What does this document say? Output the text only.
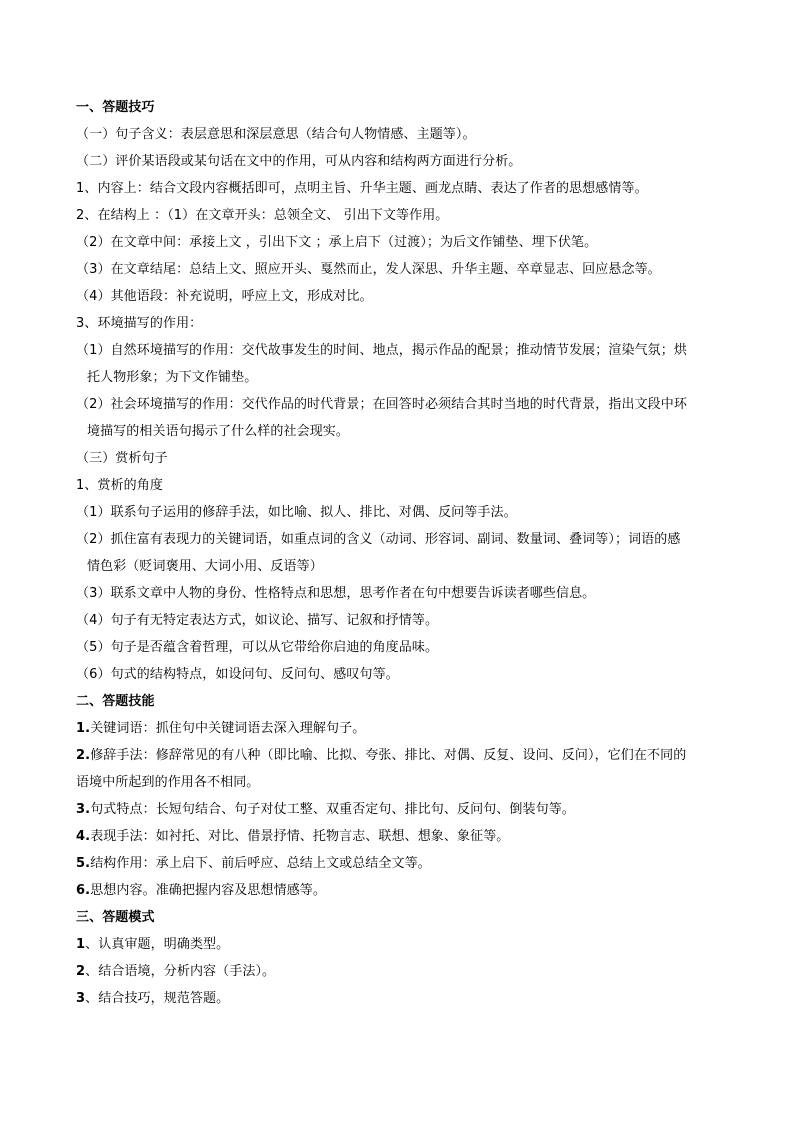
一、答题技巧
（一）句子含义：表层意思和深层意思（结合句人物情感、主题等）。
（二）评价某语段或某句话在文中的作用，可从内容和结构两方面进行分析。
1、内容上：结合文段内容概括即可，点明主旨、升华主题、画龙点睛、表达了作者的思想感情等。
2、在结构上 ：（1）在文章开头：总领全文、 引出下文等作用。
（2）在文章中间：承接上文 ，引出下文 ；承上启下（过渡）；为后文作铺垫、埋下伏笔。
（3）在文章结尾：总结上文、照应开头、戛然而止，发人深思、升华主题、卒章显志、回应悬念等。
（4）其他语段：补充说明，呼应上文，形成对比。
3、环境描写的作用：
（1）自然环境描写的作用：交代故事发生的时间、地点，揭示作品的配景；推动情节发展；渲染气氛；烘
托人物形象；为下文作铺垫。
（2）社会环境描写的作用：交代作品的时代背景；在回答时必须结合其时当地的时代背景，指出文段中环
境描写的相关语句揭示了什么样的社会现实。
（三）赏析句子
1、赏析的角度
（1）联系句子运用的修辞手法，如比喻、拟人、排比、对偶、反问等手法。
（2）抓住富有表现力的关键词语，如重点词的含义（动词、形容词、副词、数量词、叠词等）；词语的感
情色彩（贬词褒用、大词小用、反语等）
（3）联系文章中人物的身份、性格特点和思想，思考作者在句中想要告诉读者哪些信息。
（4）句子有无特定表达方式，如议论、描写、记叙和抒情等。
（5）句子是否蕴含着哲理，可以从它带给你启迪的角度品味。
（6）句式的结构特点，如设问句、反问句、感叹句等。
二、答题技能
1.关键词语：抓住句中关键词语去深入理解句子。
2.修辞手法：修辞常见的有八种（即比喻、比拟、夸张、排比、对偶、反复、设问、反问），它们在不同的
语境中所起到的作用各不相同。
3.句式特点：长短句结合、句子对仗工整、双重否定句、排比句、反问句、倒装句等。
4.表现手法：如衬托、对比、借景抒情、托物言志、联想、想象、象征等。
5.结构作用：承上启下、前后呼应、总结上文或总结全文等。
6.思想内容。准确把握内容及思想情感等。
三、答题模式
1、认真审题，明确类型。
2、结合语境，分析内容（手法）。
3、结合技巧，规范答题。
